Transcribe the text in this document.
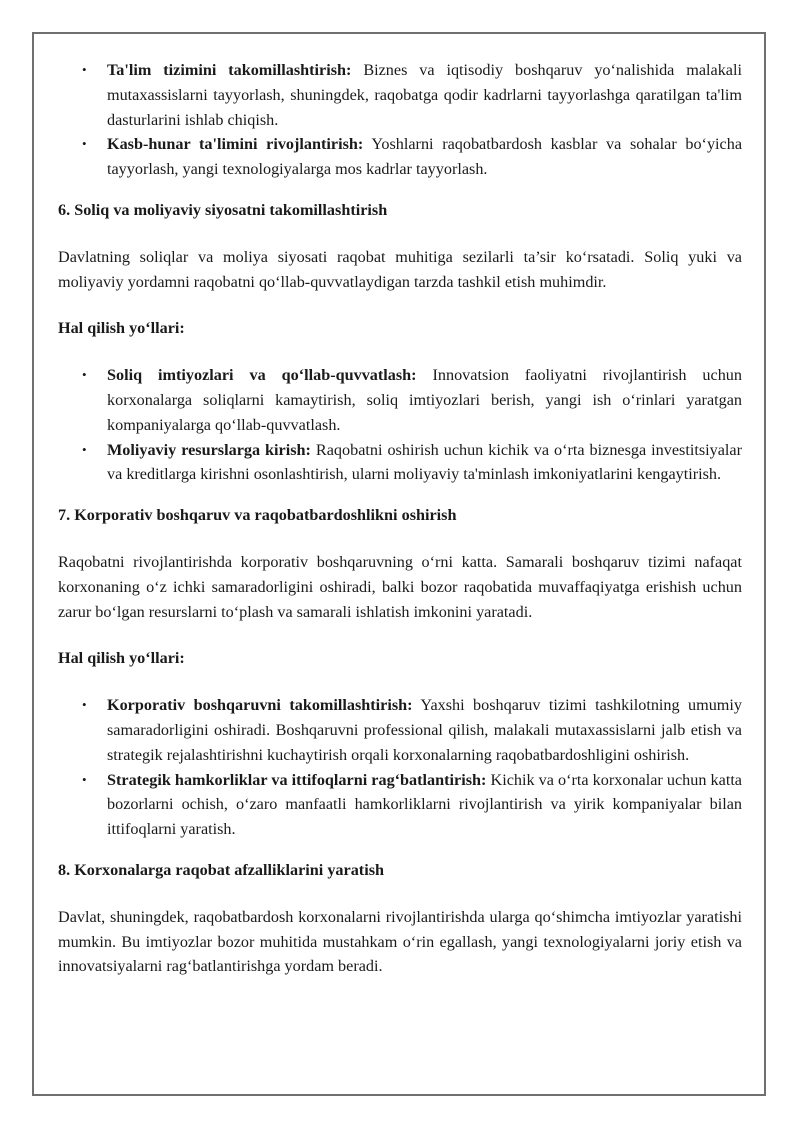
• Ta'lim tizimini takomillashtirish: Biznes va iqtisodiy boshqaruv yo‘nalishida malakali mutaxassislarni tayyorlash, shuningdek, raqobatga qodir kadrlarni tayyorlashga qaratilgan ta'lim dasturlarini ishlab chiqish.
• Kasb-hunar ta'limini rivojlantirish: Yoshlarni raqobatbardosh kasblar va sohalar bo‘yicha tayyorlash, yangi texnologiyalarga mos kadrlar tayyorlash.
6. Soliq va moliyaviy siyosatni takomillashtirish

Davlatning soliqlar va moliya siyosati raqobat muhitiga sezilarli ta’sir ko‘rsatadi. Soliq yuki va moliyaviy yordamni raqobatni qo‘llab-quvvatlaydigan tarzda tashkil etish muhimdir.

Hal qilish yo‘llari:

• Soliq imtiyozlari va qo‘llab-quvvatlash: Innovatsion faoliyatni rivojlantirish uchun korxonalarga soliqlarni kamaytirish, soliq imtiyozlari berish, yangi ish o‘rinlari yaratgan kompaniyalarga qo‘llab-quvvatlash.
• Moliyaviy resurslarga kirish: Raqobatni oshirish uchun kichik va o‘rta biznesga investitsiyalar va kreditlarga kirishni osonlashtirish, ularni moliyaviy ta'minlash imkoniyatlarini kengaytirish.
7. Korporativ boshqaruv va raqobatbardoshlikni oshirish

Raqobatni rivojlantirishda korporativ boshqaruvning o‘rni katta. Samarali boshqaruv tizimi nafaqat korxonaning o‘z ichki samaradorligini oshiradi, balki bozor raqobatida muvaffaqiyatga erishish uchun zarur bo‘lgan resurslarni to‘plash va samarali ishlatish imkonini yaratadi.

Hal qilish yo‘llari:

• Korporativ boshqaruvni takomillashtirish: Yaxshi boshqaruv tizimi tashkilotning umumiy samaradorligini oshiradi. Boshqaruvni professional qilish, malakali mutaxassislarni jalb etish va strategik rejalashtirishni kuchaytirish orqali korxonalarning raqobatbardoshligini oshirish.
• Strategik hamkorliklar va ittifoqlarni rag‘batlantirish: Kichik va o‘rta korxonalar uchun katta bozorlarni ochish, o‘zaro manfaatli hamkorliklarni rivojlantirish va yirik kompaniyalar bilan ittifoqlarni yaratish.
8. Korxonalarga raqobat afzalliklarini yaratish

Davlat, shuningdek, raqobatbardosh korxonalarni rivojlantirishda ularga qo‘shimcha imtiyozlar yaratishi mumkin. Bu imtiyozlar bozor muhitida mustahkam o‘rin egallash, yangi texnologiyalarni joriy etish va innovatsiyalarni rag‘batlantirishga yordam beradi.
